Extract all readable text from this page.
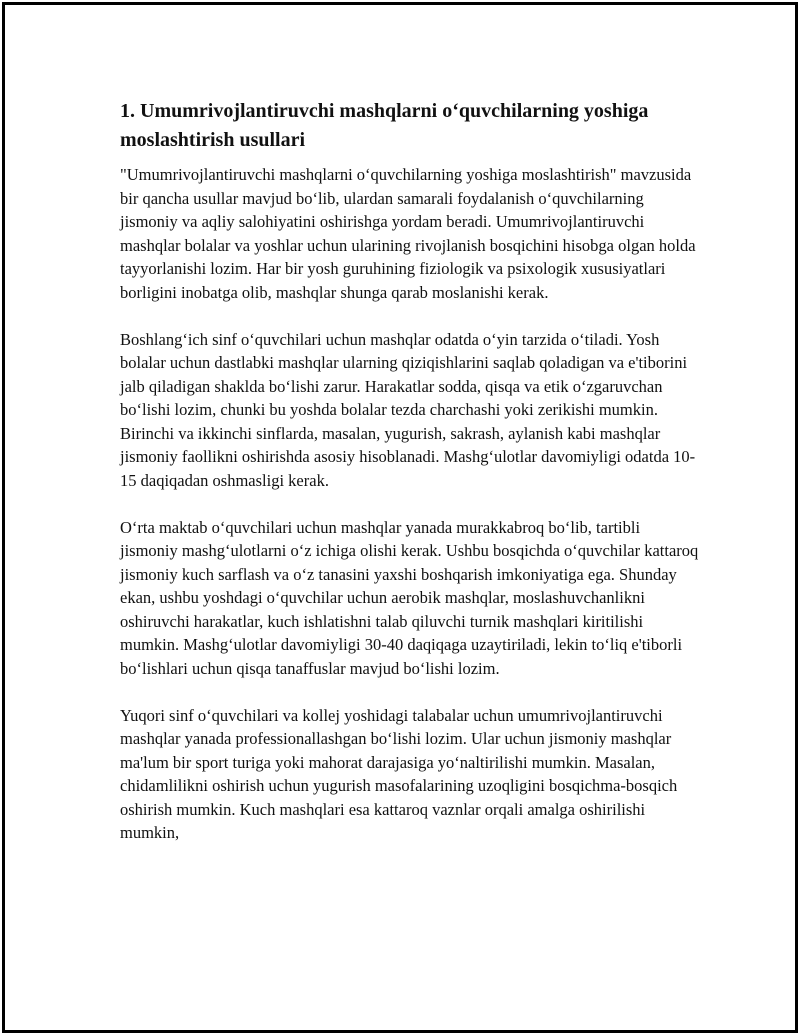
1. Umumrivojlantiruvchi mashqlarni o‘quvchilarning yoshiga moslashtirish usullari

"Umumrivojlantiruvchi mashqlarni o‘quvchilarning yoshiga moslashtirish" mavzusida bir qancha usullar mavjud bo‘lib, ulardan samarali foydalanish o‘quvchilarning jismoniy va aqliy salohiyatini oshirishga yordam beradi. Umumrivojlantiruvchi mashqlar bolalar va yoshlar uchun ularining rivojlanish bosqichini hisobga olgan holda tayyorlanishi lozim. Har bir yosh guruhining fiziologik va psixologik xususiyatlari borligini inobatga olib, mashqlar shunga qarab moslanishi kerak.

Boshlang‘ich sinf o‘quvchilari uchun mashqlar odatda o‘yin tarzida o‘tiladi. Yosh bolalar uchun dastlabki mashqlar ularning qiziqishlarini saqlab qoladigan va e'tiborini jalb qiladigan shaklda bo‘lishi zarur. Harakatlar sodda, qisqa va etik o‘zgaruvchan bo‘lishi lozim, chunki bu yoshda bolalar tezda charchashi yoki zerikishi mumkin. Birinchi va ikkinchi sinflarda, masalan, yugurish, sakrash, aylanish kabi mashqlar jismoniy faollikni oshirishda asosiy hisoblanadi. Mashg‘ulotlar davomiyligi odatda 10-15 daqiqadan oshmasligi kerak.

O‘rta maktab o‘quvchilari uchun mashqlar yanada murakkabroq bo‘lib, tartibli jismoniy mashg‘ulotlarni o‘z ichiga olishi kerak. Ushbu bosqichda o‘quvchilar kattaroq jismoniy kuch sarflash va o‘z tanasini yaxshi boshqarish imkoniyatiga ega. Shunday ekan, ushbu yoshdagi o‘quvchilar uchun aerobik mashqlar, moslashuvchanlikni oshiruvchi harakatlar, kuch ishlatishni talab qiluvchi turnik mashqlari kiritilishi mumkin. Mashg‘ulotlar davomiyligi 30-40 daqiqaga uzaytiriladi, lekin to‘liq e'tiborli bo‘lishlari uchun qisqa tanaffuslar mavjud bo‘lishi lozim.

Yuqori sinf o‘quvchilari va kollej yoshidagi talabalar uchun umumrivojlantiruvchi mashqlar yanada professionallashgan bo‘lishi lozim. Ular uchun jismoniy mashqlar ma'lum bir sport turiga yoki mahorat darajasiga yo‘naltirilishi mumkin. Masalan, chidamlilikni oshirish uchun yugurish masofalarining uzoqligini bosqichma-bosqich oshirish mumkin. Kuch mashqlari esa kattaroq vaznlar orqali amalga oshirilishi mumkin,
